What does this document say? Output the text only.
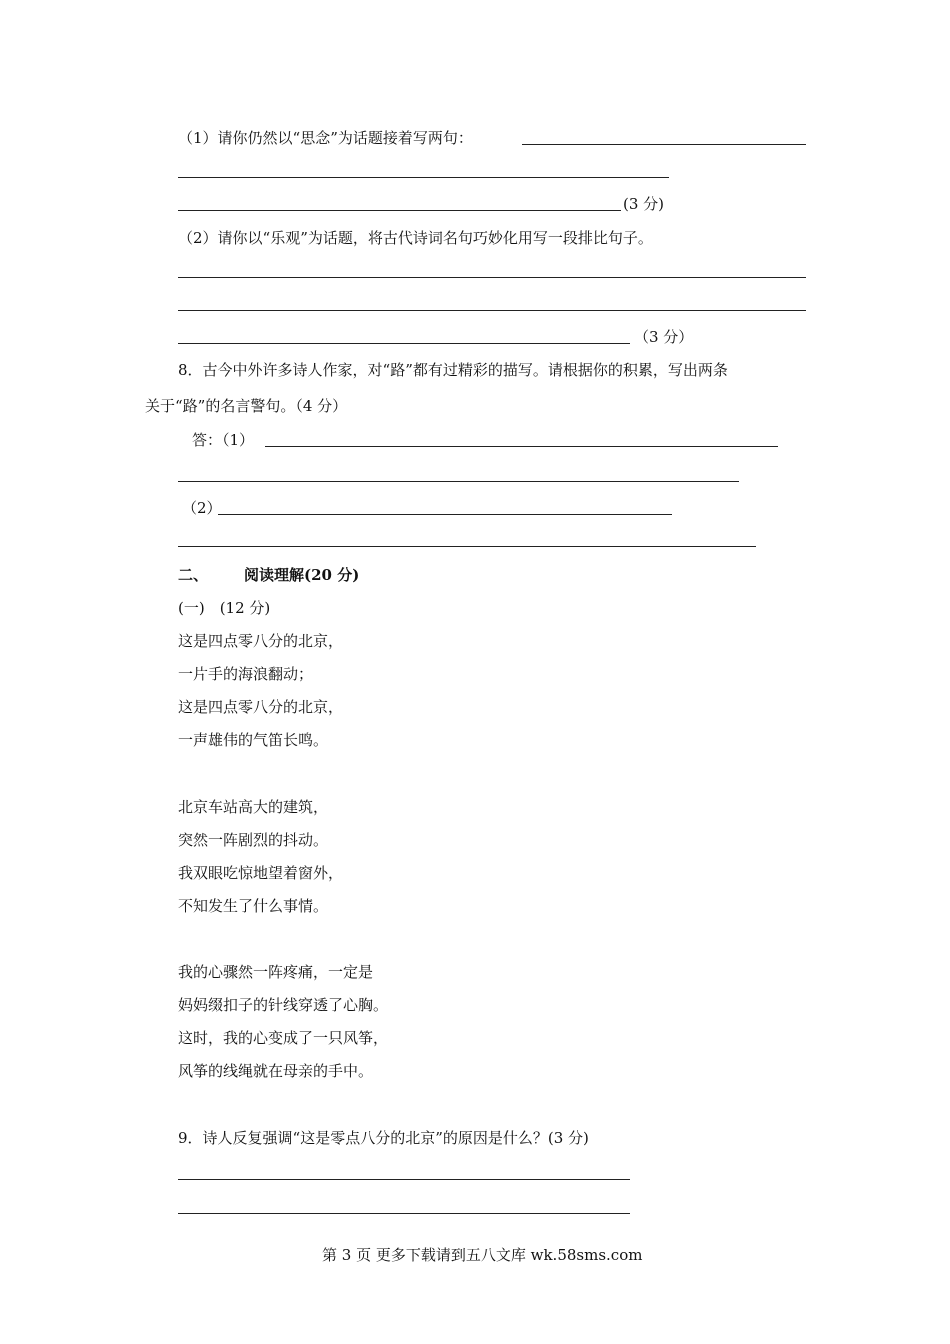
（1）请你仍然以“思念”为话题接着写两句：
(3 分)
（2）请你以“乐观”为话题，将古代诗词名句巧妙化用写一段排比句子。
（3 分）
8．古今中外许多诗人作家，对“路”都有过精彩的描写。请根据你的积累，写出两条
关于“路”的名言警句。（4 分）
答：（1）
（2）
二、 阅读理解(20 分)
(一)　(12 分)
这是四点零八分的北京，
一片手的海浪翻动；
这是四点零八分的北京，
一声雄伟的气笛长鸣。
北京车站高大的建筑，
突然一阵剧烈的抖动。
我双眼吃惊地望着窗外，
不知发生了什么事情。
我的心骤然一阵疼痛，一定是
妈妈缀扣子的针线穿透了心胸。
这时，我的心变成了一只风筝，
风筝的线绳就在母亲的手中。
9．诗人反复强调“这是零点八分的北京”的原因是什么？(3 分)
第 3 页 更多下载请到五八文库 wk.58sms.com
